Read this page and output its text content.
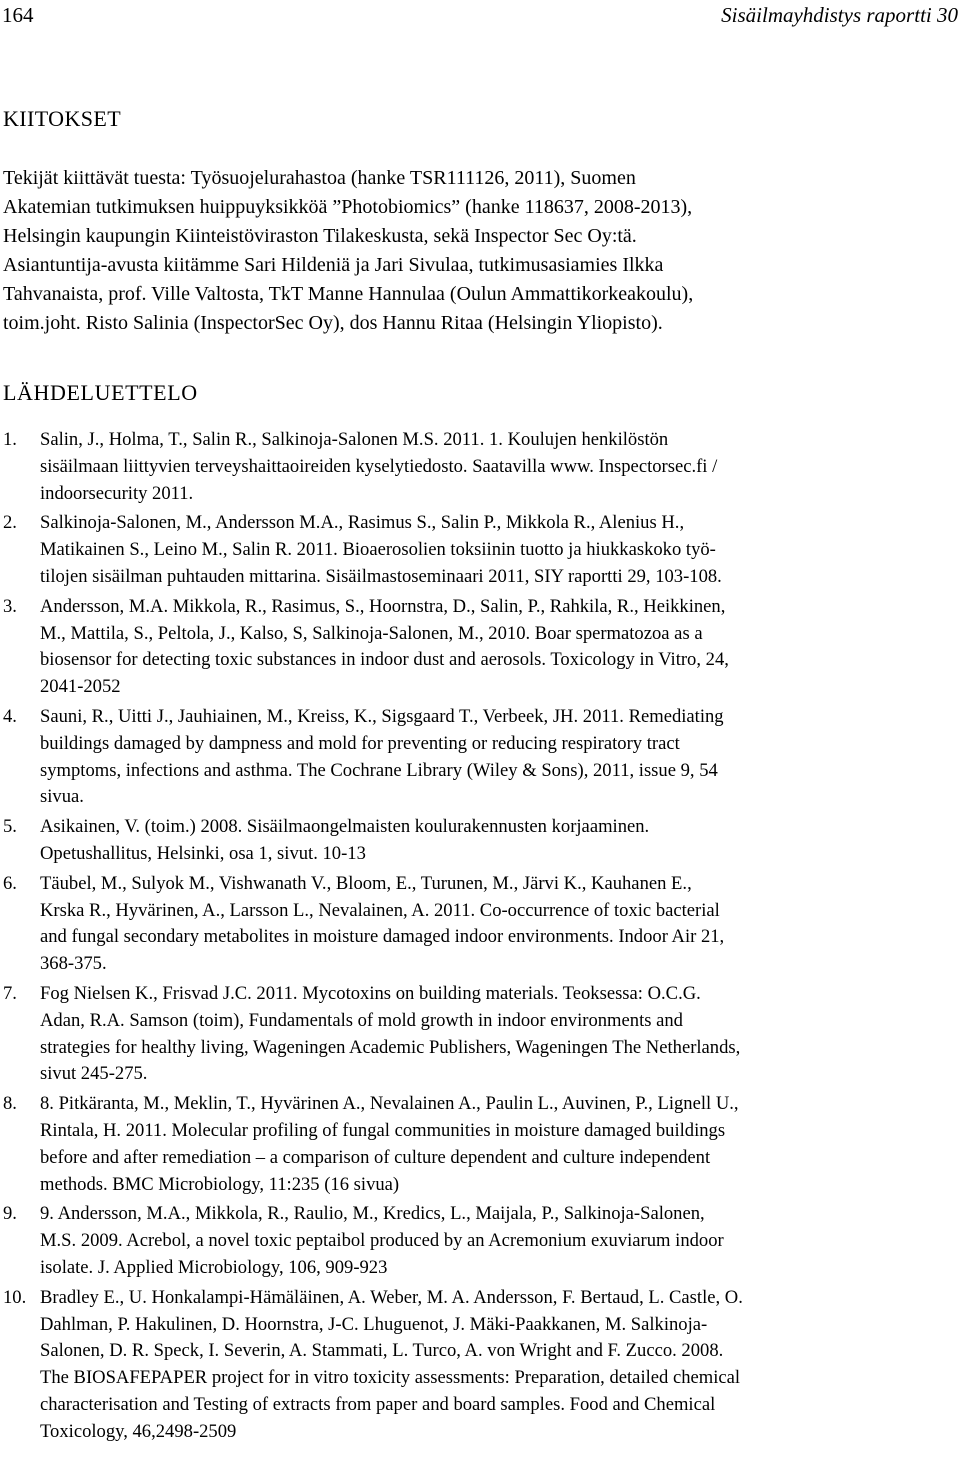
164	Sisäilmayhdistys raportti 30
KIITOKSET
Tekijät kiittävät tuesta: Työsuojelurahastoa (hanke TSR111126, 2011), Suomen
Akatemian tutkimuksen huippuyksikköä ”Photobiomics” (hanke 118637, 2008-2013),
Helsingin kaupungin Kiinteistöviraston Tilakeskusta, sekä Inspector Sec Oy:tä.
Asiantuntija-avusta kiitämme Sari Hildeniä ja Jari Sivulaa, tutkimusasiamies Ilkka
Tahvanaista, prof. Ville Valtosta, TkT Manne Hannulaa (Oulun Ammattikorkeakoulu),
toim.joht. Risto Salinia (InspectorSec Oy), dos Hannu Ritaa (Helsingin Yliopisto).
LÄHDELUETTELO
1. Salin, J., Holma, T., Salin R., Salkinoja-Salonen M.S. 2011. 1. Koulujen henkilöstön
sisäilmaan liittyvien terveyshaittaoireiden kyselytiedosto. Saatavilla www. Inspectorsec.fi /
indoorsecurity 2011.
2. Salkinoja-Salonen, M., Andersson M.A., Rasimus S., Salin P., Mikkola R., Alenius H.,
Matikainen S., Leino M., Salin R. 2011. Bioaerosolien toksiinin tuotto ja hiukkaskoko työ-
tilojen sisäilman puhtauden mittarina. Sisäilmastoseminaari 2011, SIY raportti 29, 103-108.
3. Andersson, M.A. Mikkola, R., Rasimus, S., Hoornstra, D., Salin, P., Rahkila, R., Heikkinen,
M., Mattila, S., Peltola, J., Kalso, S, Salkinoja-Salonen, M., 2010. Boar spermatozoa as a
biosensor for detecting toxic substances in indoor dust and aerosols. Toxicology in Vitro, 24,
2041-2052
4. Sauni, R., Uitti J., Jauhiainen, M., Kreiss, K., Sigsgaard T., Verbeek, JH. 2011. Remediating
buildings damaged by dampness and mold for preventing or reducing respiratory tract
symptoms, infections and asthma. The Cochrane Library (Wiley & Sons), 2011, issue 9, 54
sivua.
5. Asikainen, V. (toim.) 2008. Sisäilmaongelmaisten koulurakennusten korjaaminen.
Opetushallitus, Helsinki, osa 1, sivut. 10-13
6. Täubel, M., Sulyok M., Vishwanath V., Bloom, E., Turunen, M., Järvi K., Kauhanen E.,
Krska R., Hyvärinen, A., Larsson L., Nevalainen, A. 2011. Co-occurrence of toxic bacterial
and fungal secondary metabolites in moisture damaged indoor environments. Indoor Air 21,
368-375.
7. Fog Nielsen K., Frisvad J.C. 2011. Mycotoxins on building materials. Teoksessa: O.C.G.
Adan, R.A. Samson (toim), Fundamentals of mold growth in indoor environments and
strategies for healthy living, Wageningen Academic Publishers, Wageningen The Netherlands,
sivut 245-275.
8. 8. Pitkäranta, M., Meklin, T., Hyvärinen A., Nevalainen A., Paulin L., Auvinen, P., Lignell U.,
Rintala, H. 2011. Molecular profiling of fungal communities in moisture damaged buildings
before and after remediation – a comparison of culture dependent and culture independent
methods. BMC Microbiology, 11:235 (16 sivua)
9. 9. Andersson, M.A., Mikkola, R., Raulio, M., Kredics, L., Maijala, P., Salkinoja-Salonen,
M.S. 2009. Acrebol, a novel toxic peptaibol produced by an Acremonium exuviarum indoor
isolate. J. Applied Microbiology, 106, 909-923
10. Bradley E., U. Honkalampi-Hämäläinen, A. Weber, M. A. Andersson, F. Bertaud, L. Castle, O.
Dahlman, P. Hakulinen, D. Hoornstra, J-C. Lhuguenot, J. Mäki-Paakkanen, M. Salkinoja-
Salonen, D. R. Speck, I. Severin, A. Stammati, L. Turco, A. von Wright and F. Zucco. 2008.
The BIOSAFEPAPER project for in vitro toxicity assessments: Preparation, detailed chemical
characterisation and Testing of extracts from paper and board samples. Food and Chemical
Toxicology, 46,2498-2509
